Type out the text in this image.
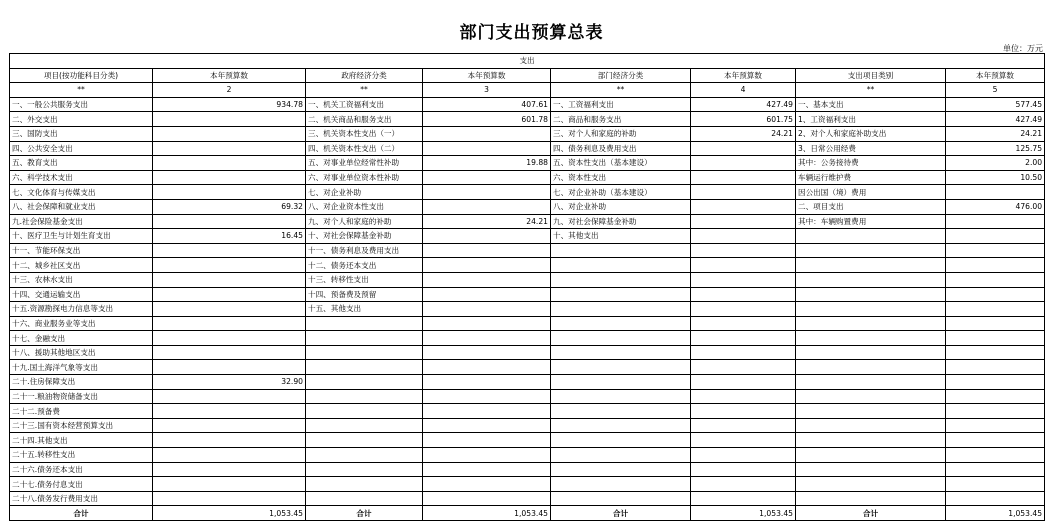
部门支出预算总表
单位：万元
支出							
项目(按功能科目分类)	本年预算数	政府经济分类	本年预算数	部门经济分类	本年预算数	支出项目类别	本年预算数
**	2	**	3	**	4	**	5
一、一般公共服务支出	934.78	一、机关工资福利支出	407.61	一、工资福利支出	427.49	一、基本支出	577.45
二、外交支出		二、机关商品和服务支出	601.78	二、商品和服务支出	601.75	1、工资福利支出	427.49
三、国防支出		三、机关资本性支出（一）		三、对个人和家庭的补助	24.21	2、对个人和家庭补助支出	24.21
四、公共安全支出		四、机关资本性支出（二）		四、债务利息及费用支出		3、日常公用经费	125.75
五、教育支出		五、对事业单位经常性补助	19.88	五、资本性支出（基本建设）		其中：公务接待费	2.00
六、科学技术支出		六、对事业单位资本性补助		六、资本性支出		车辆运行维护费	10.50
七、文化体育与传媒支出		七、对企业补助		七、对企业补助（基本建设）		因公出国（境）费用	
八、社会保障和就业支出	69.32	八、对企业资本性支出		八、对企业补助		二、项目支出	476.00
九.社会保险基金支出		九、对个人和家庭的补助	24.21	九、对社会保障基金补助		其中：车辆购置费用	
十、医疗卫生与计划生育支出	16.45	十、对社会保障基金补助		十、其他支出			
十一、节能环保支出		十一、债务利息及费用支出					
十二、城乡社区支出		十二、债务还本支出					
十三、农林水支出		十三、转移性支出					
十四、交通运输支出		十四、预备费及预留					
十五.资源勘探电力信息等支出		十五、其他支出					
十六、商业服务业等支出							
十七、金融支出							
十八、援助其他地区支出							
十九.国土海洋气象等支出							
二十.住房保障支出	32.90						
二十一.粮油物资储备支出							
二十二.预备费							
二十三.国有资本经营预算支出							
二十四.其他支出							
二十五.转移性支出							
二十六.债务还本支出							
二十七.债务付息支出							
二十八.债务发行费用支出							
合计	1,053.45	合计	1,053.45	合计	1,053.45	合计	1,053.45
